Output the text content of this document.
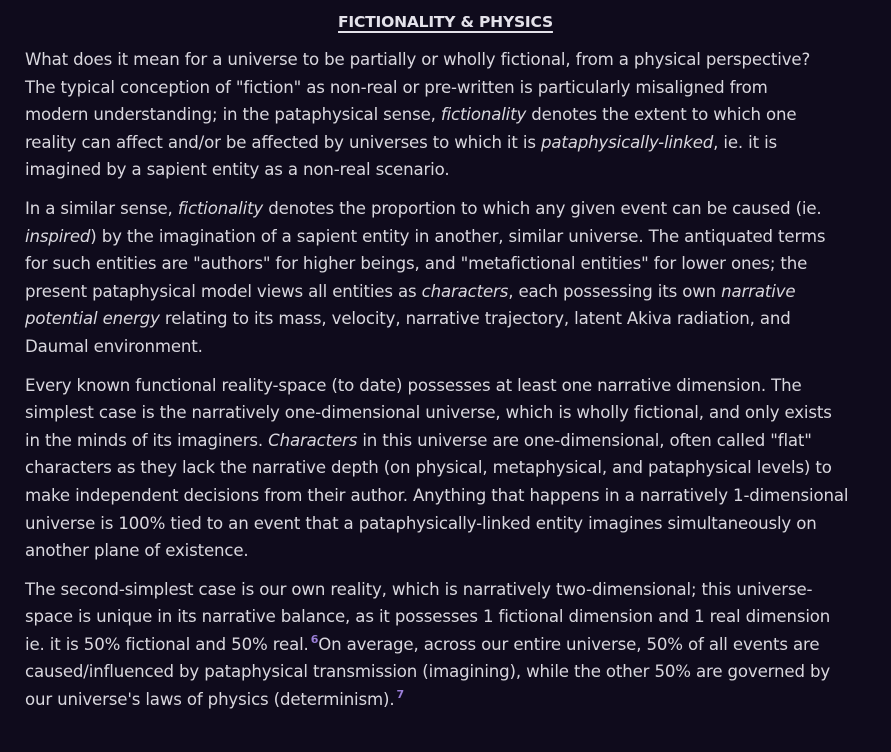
FICTIONALITY & PHYSICS

What does it mean for a universe to be partially or wholly fictional, from a physical perspective?
The typical conception of "fiction" as non-real or pre-written is particularly misaligned from
modern understanding; in the pataphysical sense, fictionality denotes the extent to which one
reality can affect and/or be affected by universes to which it is pataphysically-linked, ie. it is
imagined by a sapient entity as a non-real scenario.

In a similar sense, fictionality denotes the proportion to which any given event can be caused (ie.
inspired) by the imagination of a sapient entity in another, similar universe. The antiquated terms
for such entities are "authors" for higher beings, and "metafictional entities" for lower ones; the
present pataphysical model views all entities as characters, each possessing its own narrative
potential energy relating to its mass, velocity, narrative trajectory, latent Akiva radiation, and
Daumal environment.

Every known functional reality-space (to date) possesses at least one narrative dimension. The
simplest case is the narratively one-dimensional universe, which is wholly fictional, and only exists
in the minds of its imaginers. Characters in this universe are one-dimensional, often called "flat"
characters as they lack the narrative depth (on physical, metaphysical, and pataphysical levels) to
make independent decisions from their author. Anything that happens in a narratively 1-dimensional
universe is 100% tied to an event that a pataphysically-linked entity imagines simultaneously on
another plane of existence.

The second-simplest case is our own reality, which is narratively two-dimensional; this universe-
space is unique in its narrative balance, as it possesses 1 fictional dimension and 1 real dimension
ie. it is 50% fictional and 50% real. $^6$On average, across our entire universe, 50% of all events are
caused/influenced by pataphysical transmission (imagining), while the other 50% are governed by
our universe's laws of physics (determinism). $^7$
